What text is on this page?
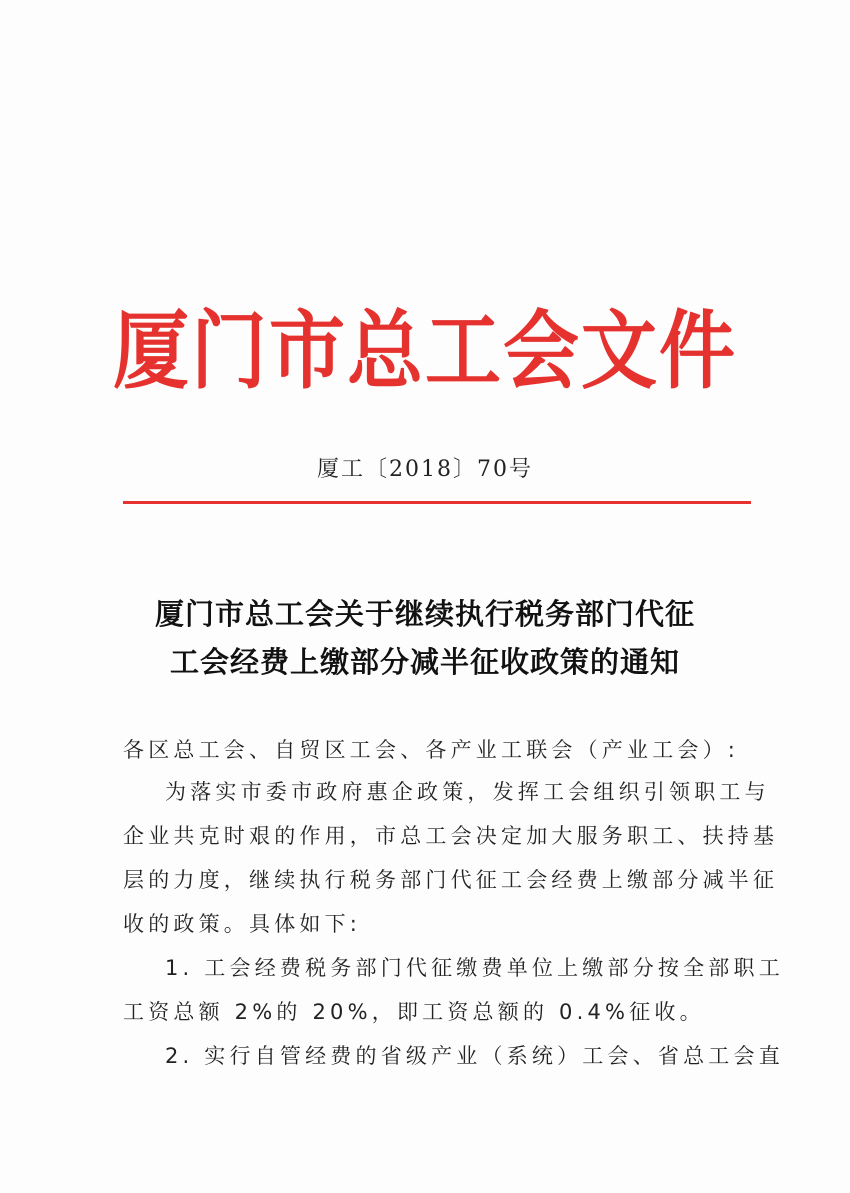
厦门市总工会文件
厦工〔2018〕70号
厦门市总工会关于继续执行税务部门代征
工会经费上缴部分减半征收政策的通知
各区总工会、自贸区工会、各产业工联会（产业工会）:
为落实市委市政府惠企政策，发挥工会组织引领职工与
企业共克时艰的作用，市总工会决定加大服务职工、扶持基
层的力度，继续执行税务部门代征工会经费上缴部分减半征
收的政策。具体如下:
1. 工会经费税务部门代征缴费单位上缴部分按全部职工
工资总额 2%的 20%，即工资总额的 0.4%征收。
2. 实行自管经费的省级产业（系统）工会、省总工会直
